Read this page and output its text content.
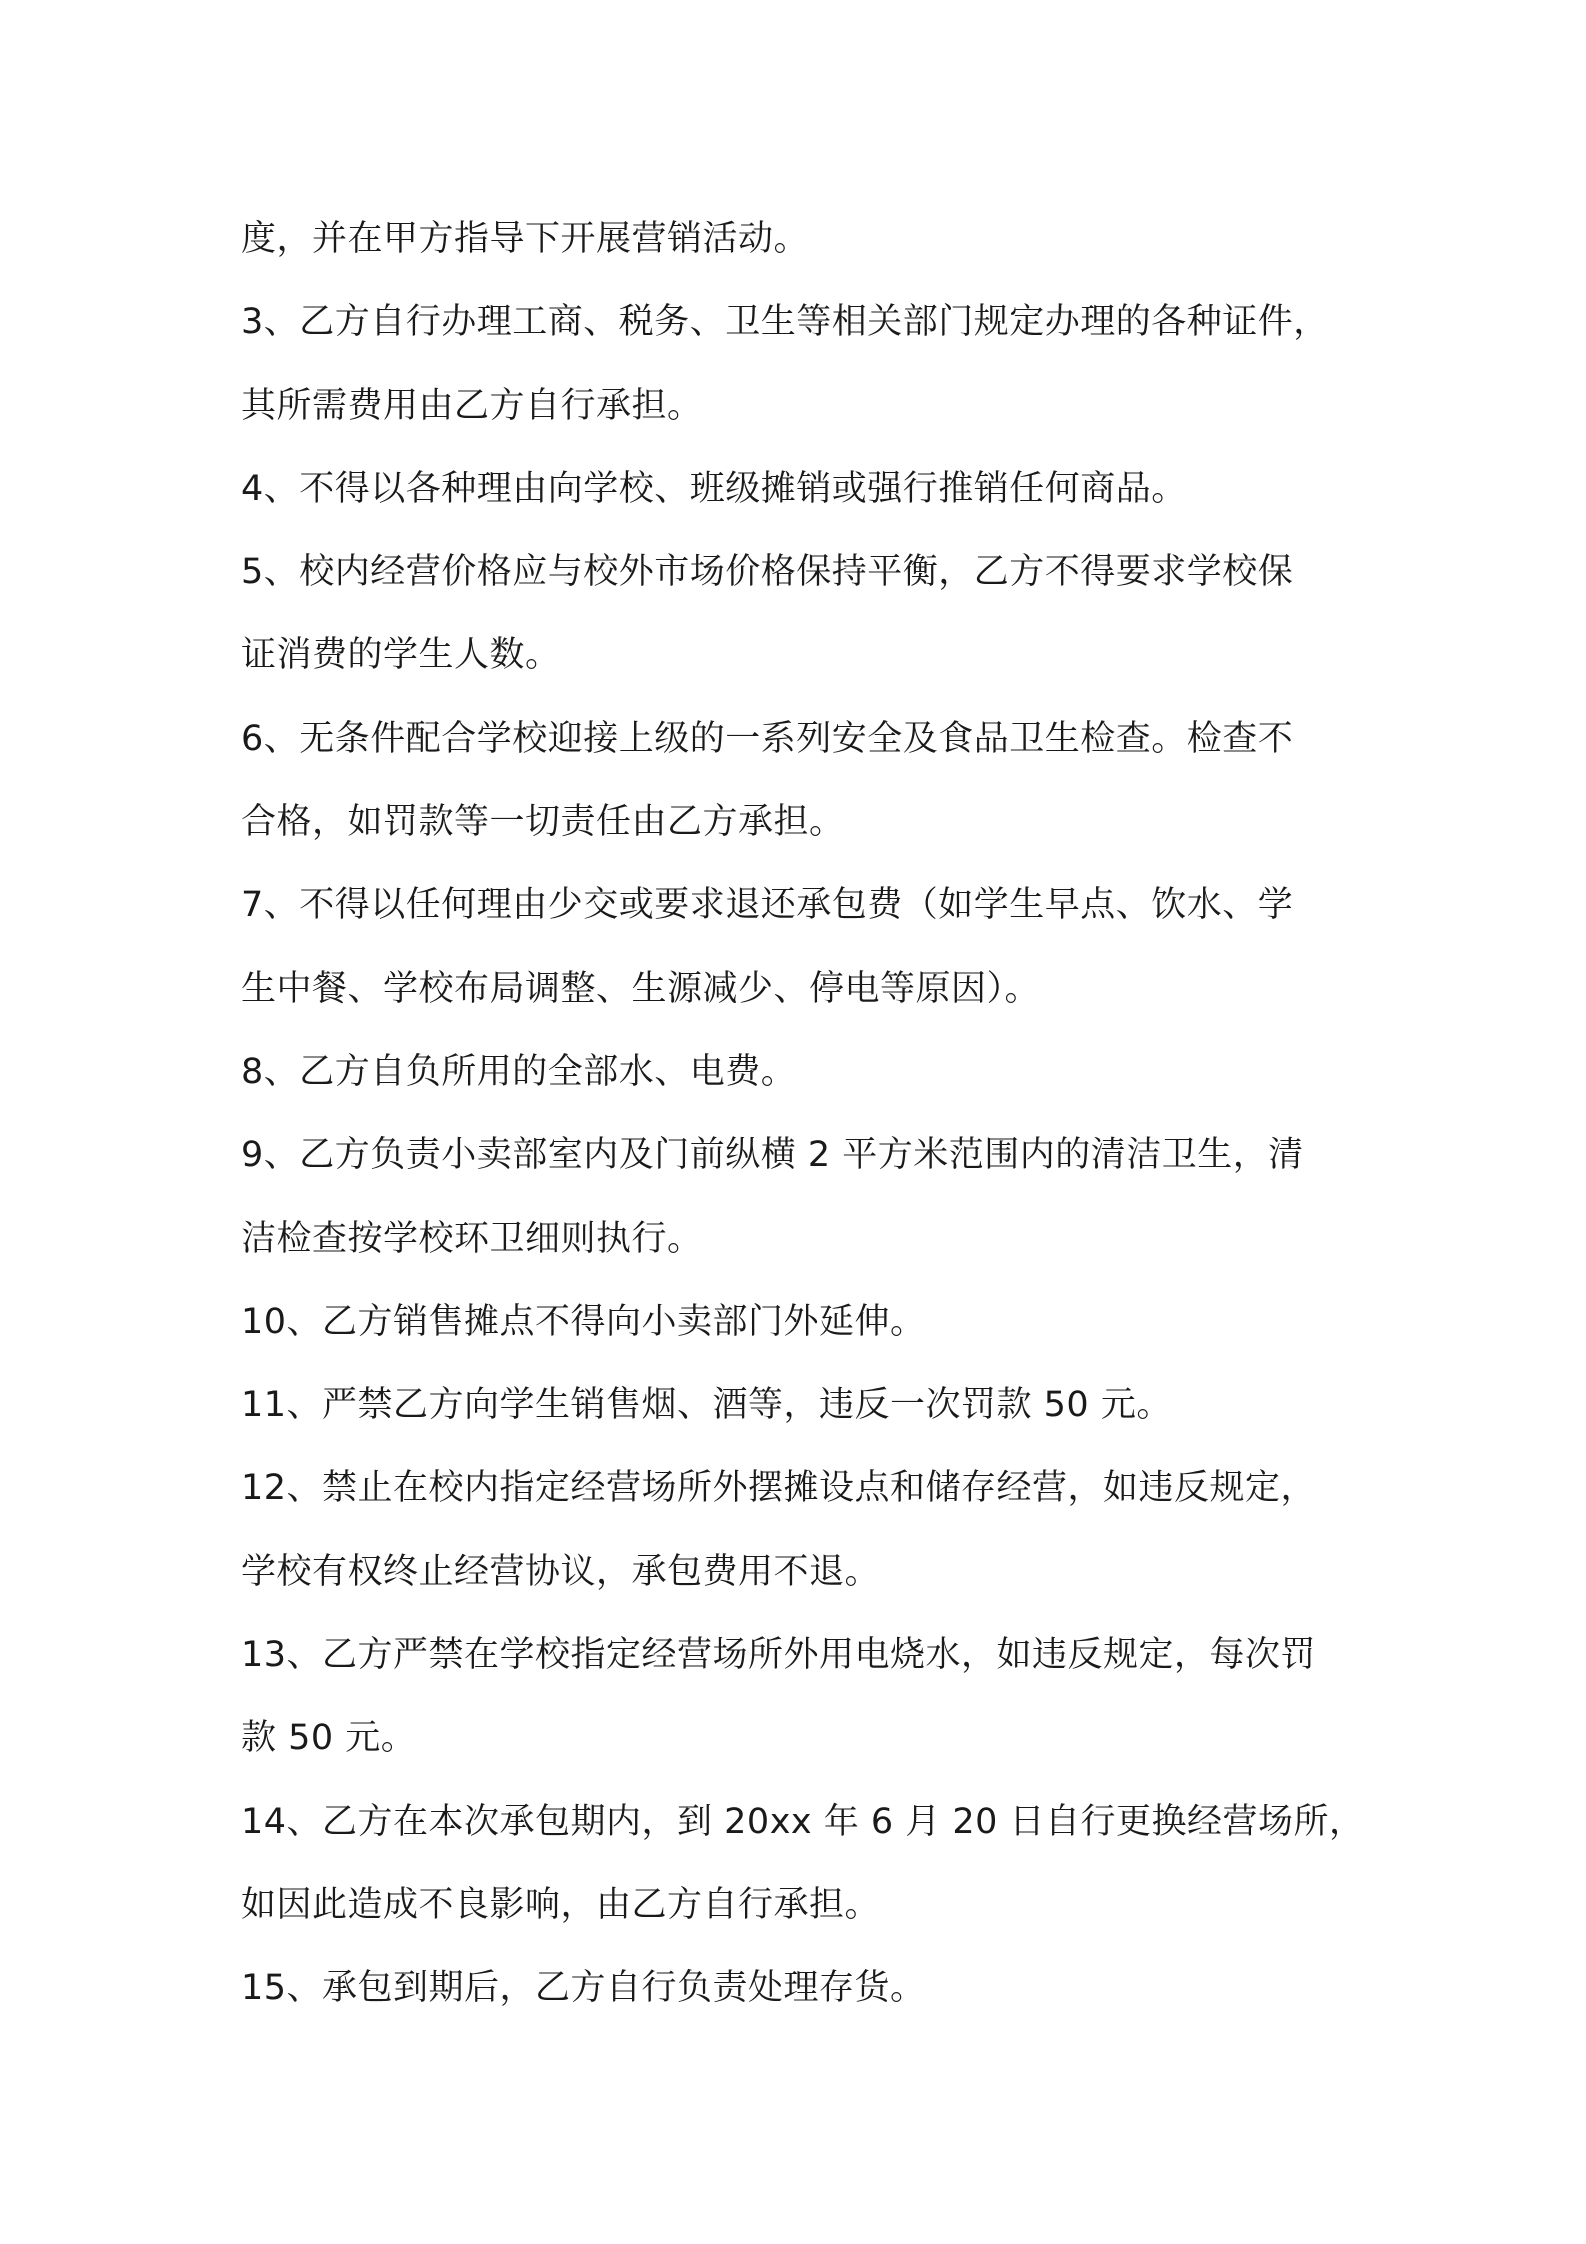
度，并在甲方指导下开展营销活动。
3、乙方自行办理工商、税务、卫生等相关部门规定办理的各种证件，
其所需费用由乙方自行承担。
4、不得以各种理由向学校、班级摊销或强行推销任何商品。
5、校内经营价格应与校外市场价格保持平衡，乙方不得要求学校保
证消费的学生人数。
6、无条件配合学校迎接上级的一系列安全及食品卫生检查。检查不
合格，如罚款等一切责任由乙方承担。
7、不得以任何理由少交或要求退还承包费（如学生早点、饮水、学
生中餐、学校布局调整、生源减少、停电等原因）。
8、乙方自负所用的全部水、电费。
9、乙方负责小卖部室内及门前纵横 2 平方米范围内的清洁卫生，清
洁检查按学校环卫细则执行。
10、乙方销售摊点不得向小卖部门外延伸。
11、严禁乙方向学生销售烟、酒等，违反一次罚款 50 元。
12、禁止在校内指定经营场所外摆摊设点和储存经营，如违反规定，
学校有权终止经营协议，承包费用不退。
13、乙方严禁在学校指定经营场所外用电烧水，如违反规定，每次罚
款 50 元。
14、乙方在本次承包期内，到 20xx 年 6 月 20 日自行更换经营场所，
如因此造成不良影响，由乙方自行承担。
15、承包到期后，乙方自行负责处理存货。
